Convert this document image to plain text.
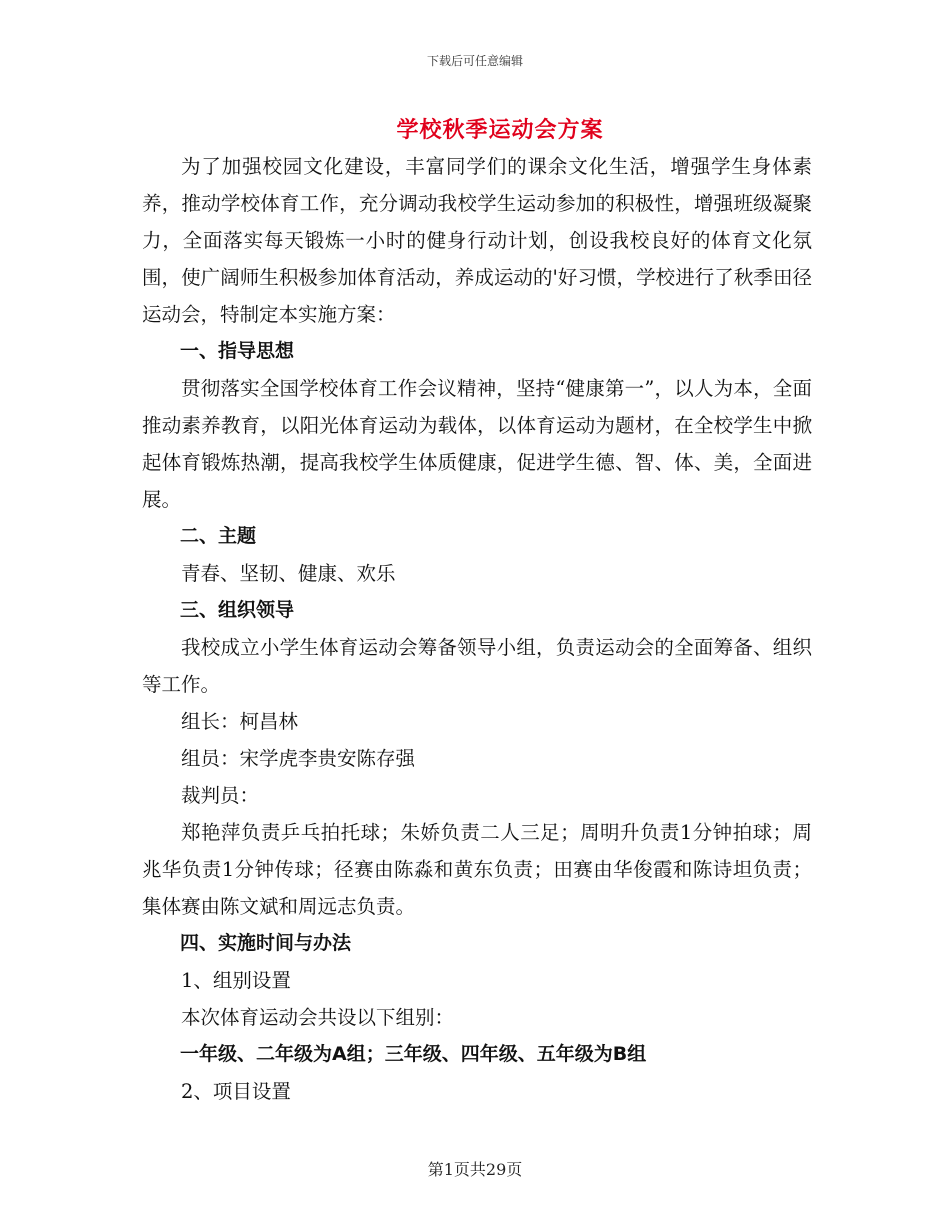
下载后可任意编辑
学校秋季运动会方案

为了加强校园文化建设，丰富同学们的课余文化生活，增强学生身体素养，推动学校体育工作，充分调动我校学生运动参加的积极性，增强班级凝聚力，全面落实每天锻炼一小时的健身行动计划，创设我校良好的体育文化氛围，使广阔师生积极参加体育活动，养成运动的'好习惯，学校进行了秋季田径运动会，特制定本实施方案：

一、指导思想

贯彻落实全国学校体育工作会议精神，坚持“健康第一”，以人为本，全面推动素养教育，以阳光体育运动为载体，以体育运动为题材，在全校学生中掀起体育锻炼热潮，提高我校学生体质健康，促进学生德、智、体、美，全面进展。

二、主题

青春、坚韧、健康、欢乐

三、组织领导

我校成立小学生体育运动会筹备领导小组，负责运动会的全面筹备、组织等工作。

组长：柯昌林

组员：宋学虎李贵安陈存强

裁判员：

郑艳萍负责乒乓拍托球；朱娇负责二人三足；周明升负责1分钟拍球；周兆华负责1分钟传球；径赛由陈淼和黄东负责；田赛由华俊霞和陈诗坦负责；集体赛由陈文斌和周远志负责。

四、实施时间与办法

1、组别设置

本次体育运动会共设以下组别：

一年级、二年级为A组；三年级、四年级、五年级为B组

2、项目设置

第1页共29页
